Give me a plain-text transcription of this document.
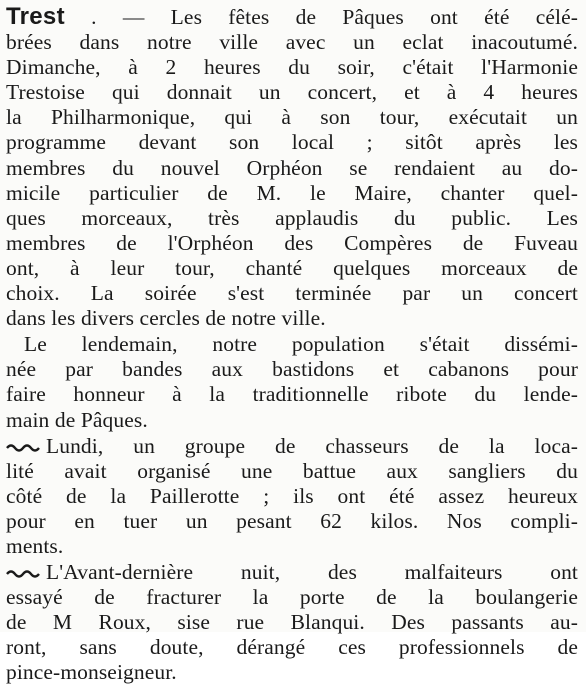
Trest . — Les fêtes de Pâques ont été célé-
brées dans notre ville avec un eclat inacoutumé.
Dimanche, à 2 heures du soir, c'était l'Harmonie
Trestoise qui donnait un concert, et à 4 heures
la Philharmonique, qui à son tour, exécutait un
programme devant son local ; sitôt après les
membres du nouvel Orphéon se rendaient au do-
micile particulier de M. le Maire, chanter quel-
ques morceaux, très applaudis du public. Les
membres de l'Orphéon des Compères de Fuveau
ont, à leur tour, chanté quelques morceaux de
choix. La soirée s'est terminée par un concert
dans les divers cercles de notre ville.

Le lendemain, notre population s'était dissémi-
née par bandes aux bastidons et cabanons pour
faire honneur à la traditionnelle ribote du lende-
main de Pâques.

Lundi, un groupe de chasseurs de la loca-
lité avait organisé une battue aux sangliers du
côté de la Paillerotte ; ils ont été assez heureux
pour en tuer un pesant 62 kilos. Nos compli-
ments.

L'Avant-dernière nuit, des malfaiteurs ont
essayé de fracturer la porte de la boulangerie
de M Roux, sise rue Blanqui. Des passants au-
ront, sans doute, dérangé ces professionnels de
pince-monseigneur.
